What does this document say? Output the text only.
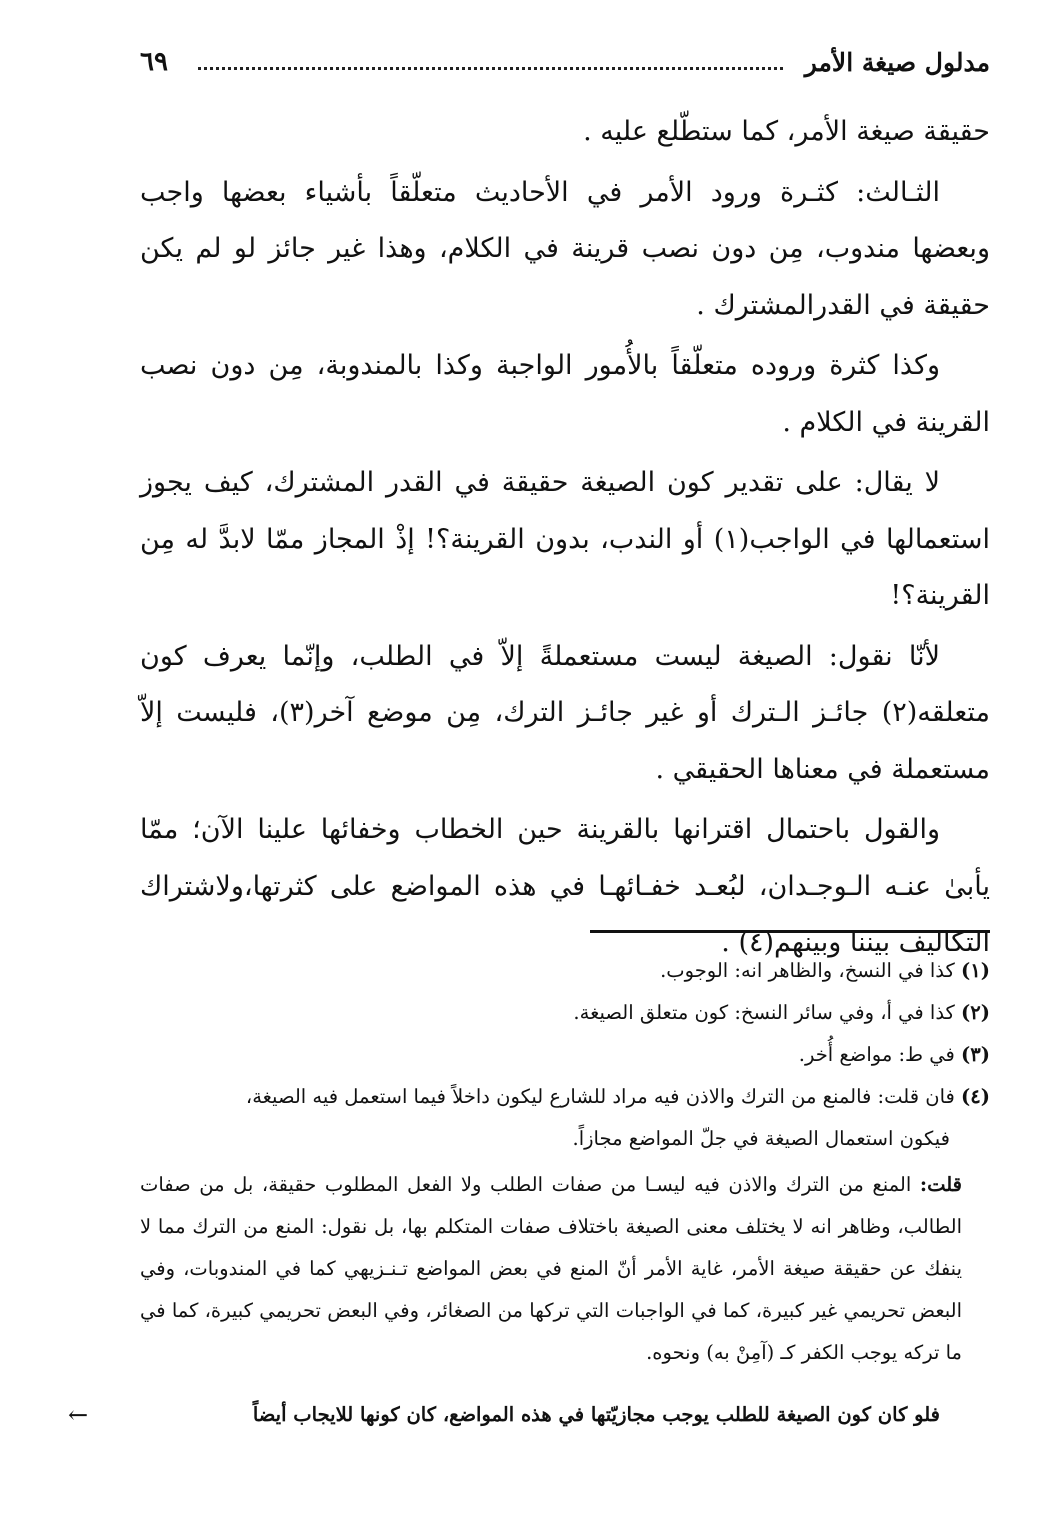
مدلول صيغة الأمر
٦٩

حقيقة صيغة الأمر، كما ستطّلع عليه .

الثـالث: كثـرة ورود الأمر في الأحاديث متعلّقاً بأشياء بعضها واجب وبعضها مندوب، مِن دون نصب قرينة في الكلام، وهذا غير جائز لو لم يكن حقيقة في القدرالمشترك .

وكذا كثرة وروده متعلّقاً بالأُمور الواجبة وكذا بالمندوبة، مِن دون نصب القرينة في الكلام .

لا يقال: على تقدير كون الصيغة حقيقة في القدر المشترك، كيف يجوز استعمالها في الواجب(١) أو الندب، بدون القرينة؟! إذْ المجاز ممّا لابدَّ له مِن القرينة؟!

لأنّا نقول: الصيغة ليست مستعملةً إلاّ في الطلب، وإنّما يعرف كون متعلقه(٢) جائـز الـترك أو غير جائـز الترك، مِن موضع آخر(٣)، فليست إلاّ مستعملة في معناها الحقيقي .

والقول باحتمال اقترانها بالقرينة حين الخطاب وخفائها علينا الآن؛ ممّا يأبىٰ عنـه الـوجـدان، لبُعـد خفـائهـا في هذه المواضع على كثرتها،ولاشتراك التكاليف بيننا وبينهم(٤) .

(١) كذا في النسخ، والظاهر انه: الوجوب.

(٢) كذا في أ، وفي سائر النسخ: كون متعلق الصيغة.

(٣) في ط: مواضع أُخر.

(٤) فان قلت: فالمنع من الترك والاذن فيه مراد للشارع ليكون داخلاً فيما استعمل فيه الصيغة،

فيكون استعمال الصيغة في جلّ المواضع مجازاً.

قلت: المنع من الترك والاذن فيه ليسـا من صفات الطلب ولا الفعل المطلوب حقيقة، بل من صفات الطالب، وظاهر انه لا يختلف معنى الصيغة باختلاف صفات المتكلم بها، بل نقول: المنع من الترك مما لا ينفك عن حقيقة صيغة الأمر، غاية الأمر أنّ المنع في بعض المواضع تـنـزيهي كما في المندوبات، وفي البعض تحريمي غير كبيرة، كما في الواجبات التي تركها من الصغائر، وفي البعض تحريمي كبيرة، كما في ما تركه يوجب الكفر كـ (آمِنْ به) ونحوه.

فلو كان كون الصيغة للطلب يوجب مجازيّتها في هذه المواضع، كان كونها للايجاب أيضاً
←
